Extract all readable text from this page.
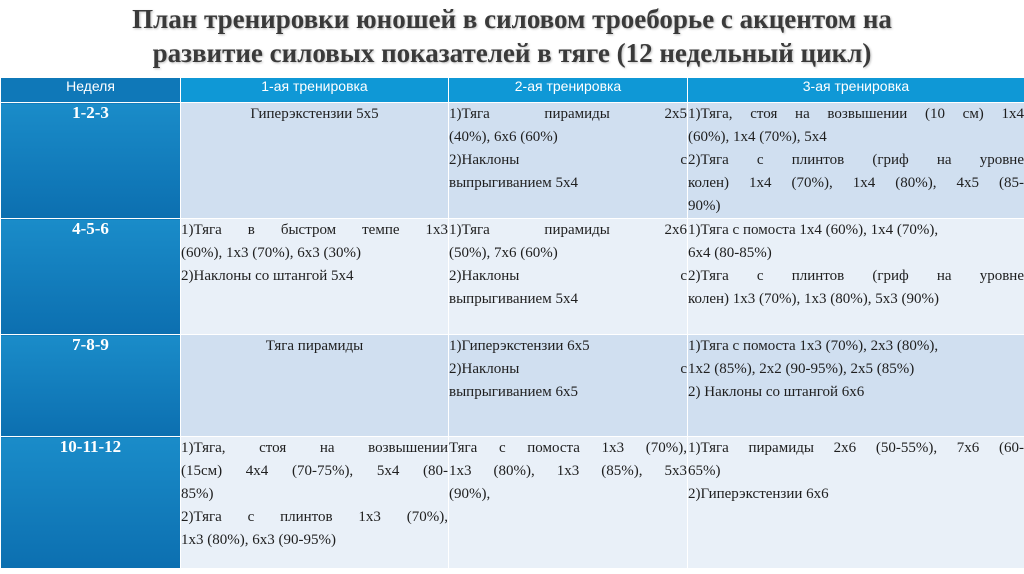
План тренировки юношей в силовом троеборье с акцентом на
развитие силовых показателей в тяге (12 недельный цикл)
Неделя	1-ая тренировка	2-ая тренировка	3-ая тренировка
1-2-3	Гиперэкстензии 5х5	1)Тяга пирамиды 2х5
(40%), 6х6 (60%)
2)Наклоны с
выпрыгиванием 5х4	1)Тяга, стоя на возвышении (10 см) 1х4
(60%), 1х4 (70%), 5х4
2)Тяга с плинтов (гриф на уровне
колен) 1х4 (70%), 1х4 (80%), 4х5 (85-
90%)

4-5-6	1)Тяга в быстром темпе 1х3
(60%), 1х3 (70%), 6х3 (30%)
2)Наклоны со штангой 5х4	1)Тяга пирамиды 2х6
(50%), 7х6 (60%)
2)Наклоны с
выпрыгиванием 5х4	1)Тяга с помоста 1х4 (60%), 1х4 (70%),
6х4 (80-85%)
2)Тяга с плинтов (гриф на уровне
колен) 1х3 (70%), 1х3 (80%), 5х3 (90%)

7-8-9	Тяга пирамиды	1)Гиперэкстензии 6х5
2)Наклоны с
выпрыгиванием 6х5	1)Тяга с помоста 1х3 (70%), 2х3 (80%),
1х2 (85%), 2х2 (90-95%), 2х5 (85%)
2) Наклоны со штангой 6х6

10-11-12	1)Тяга, стоя на возвышении
(15см) 4х4 (70-75%), 5х4 (80-
85%)
2)Тяга с плинтов 1х3 (70%),
1х3 (80%), 6х3 (90-95%)	Тяга с помоста 1х3 (70%),
1х3 (80%), 1х3 (85%), 5х3
(90%),	1)Тяга пирамиды 2х6 (50-55%), 7х6 (60-
65%)
2)Гиперэкстензии 6х6
